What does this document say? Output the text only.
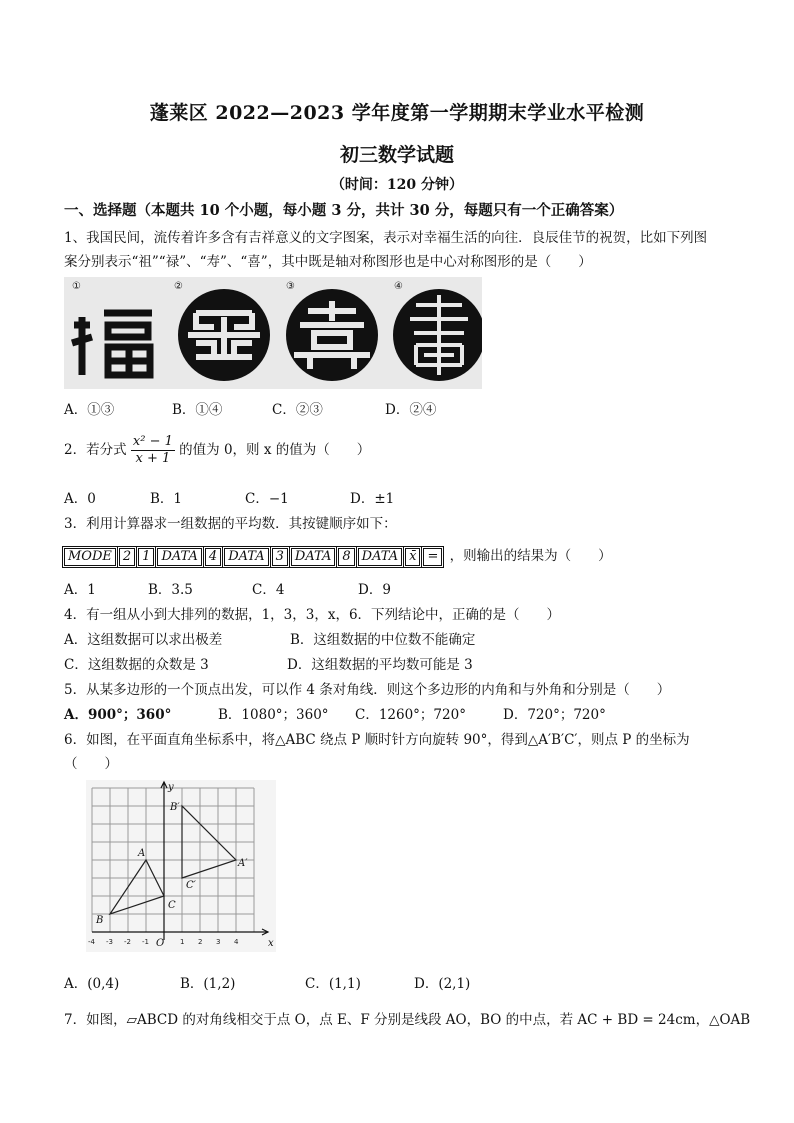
蓬莱区 2022—2023 学年度第一学期期末学业水平检测
初三数学试题
（时间：120 分钟）
一、选择题（本题共 10 个小题，每小题 3 分，共计 30 分，每题只有一个正确答案）
1、我国民间，流传着许多含有吉祥意义的文字图案，表示对幸福生活的向往．良辰佳节的祝贺，比如下列图
案分别表示“祖”“禄”、“寿”、“喜”，其中既是轴对称图形也是中心对称图形的是（　　）
①	②	③	④
A．①③	B．①④	C．②③	D．②④
2．若分式 $\frac{\text{x² − 1}}{x + 1}$ 的值为 0，则 x 的值为（　　）
A．0	B．1	C．−1	D．±1
3．利用计算器求一组数据的平均数．其按键顺序如下：
MODE 2 1 DATA 4 DATA 3 DATA 8 DATA x̄ = ，则输出的结果为（　　）
A．1	B．3.5	C．4	D．9
4．有一组从小到大排列的数据，1，3，3，x，6．下列结论中，正确的是（　　）
A．这组数据可以求出极差	B．这组数据的中位数不能确定
C．这组数据的众数是 3	D．这组数据的平均数可能是 3
5．从某多边形的一个顶点出发，可以作 4 条对角线．则这个多边形的内角和与外角和分别是（　　）
A．900°；360°	B．1080°；360° C．1260°；720°	D．720°；720°
6．如图，在平面直角坐标系中，将△ABC 绕点 P 顺时针方向旋转 90°，得到△A′B′C′，则点 P 的坐标为
（　　）
B
A
C
A′
B′
C′
O	x
y
-4 -3 -2 -1	1 2 3 4
A．(0,4)	B．(1,2)	C．(1,1)	D．(2,1)
7．如图，▱ABCD 的对角线相交于点 O，点 E、F 分别是线段 AO，BO 的中点，若 AC + BD = 24cm，△OAB
